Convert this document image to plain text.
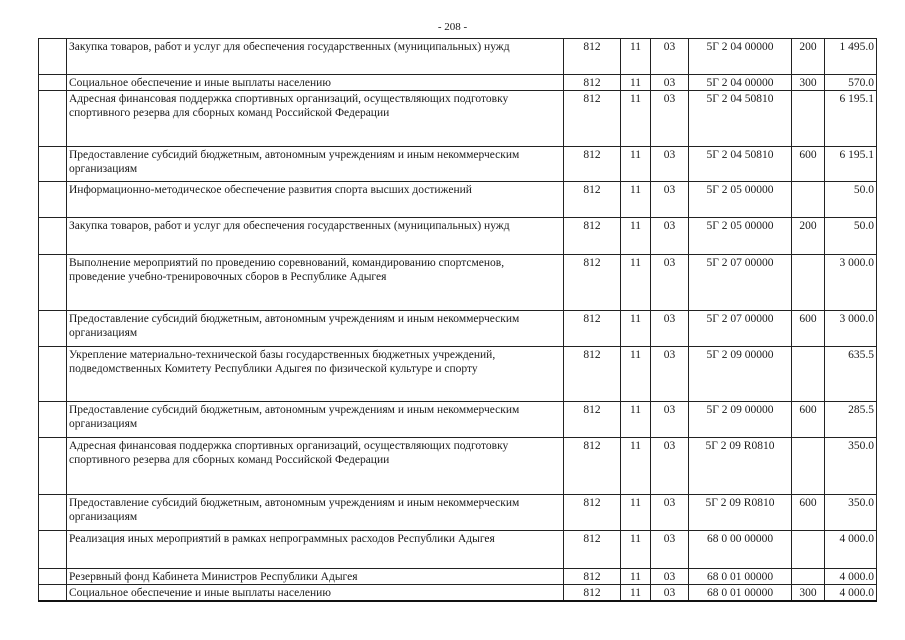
- 208 -
	Закупка товаров, работ и услуг для обеспечения государственных (муниципальных) нужд	812	11	03	5Г 2 04 00000	200	1 495.0
	Социальное обеспечение и иные выплаты населению	812	11	03	5Г 2 04 00000	300	570.0
	Адресная финансовая поддержка спортивных организаций, осуществляющих подготовку спортивного резерва для сборных команд Российской Федерации	812	11	03	5Г 2 04 50810		6 195.1
	Предоставление субсидий бюджетным, автономным учреждениям и иным некоммерческим организациям	812	11	03	5Г 2 04 50810	600	6 195.1
	Информационно-методическое обеспечение развития спорта высших достижений	812	11	03	5Г 2 05 00000		50.0
	Закупка товаров, работ и услуг для обеспечения государственных (муниципальных) нужд	812	11	03	5Г 2 05 00000	200	50.0
	Выполнение мероприятий по проведению соревнований, командированию спортсменов, проведение учебно-тренировочных сборов в Республике Адыгея	812	11	03	5Г 2 07 00000		3 000.0
	Предоставление субсидий бюджетным, автономным учреждениям и иным некоммерческим организациям	812	11	03	5Г 2 07 00000	600	3 000.0
	Укрепление материально-технической базы государственных бюджетных учреждений, подведомственных Комитету Республики Адыгея по физической культуре и спорту	812	11	03	5Г 2 09 00000		635.5
	Предоставление субсидий бюджетным, автономным учреждениям и иным некоммерческим организациям	812	11	03	5Г 2 09 00000	600	285.5
	Адресная финансовая поддержка спортивных организаций, осуществляющих подготовку спортивного резерва для сборных команд Российской Федерации	812	11	03	5Г 2 09 R0810		350.0
	Предоставление субсидий бюджетным, автономным учреждениям и иным некоммерческим организациям	812	11	03	5Г 2 09 R0810	600	350.0
	Реализация иных мероприятий в рамках непрограммных расходов Республики Адыгея	812	11	03	68 0 00 00000		4 000.0
	Резервный фонд Кабинета Министров Республики Адыгея	812	11	03	68 0 01 00000		4 000.0
	Социальное обеспечение и иные выплаты населению	812	11	03	68 0 01 00000	300	4 000.0
